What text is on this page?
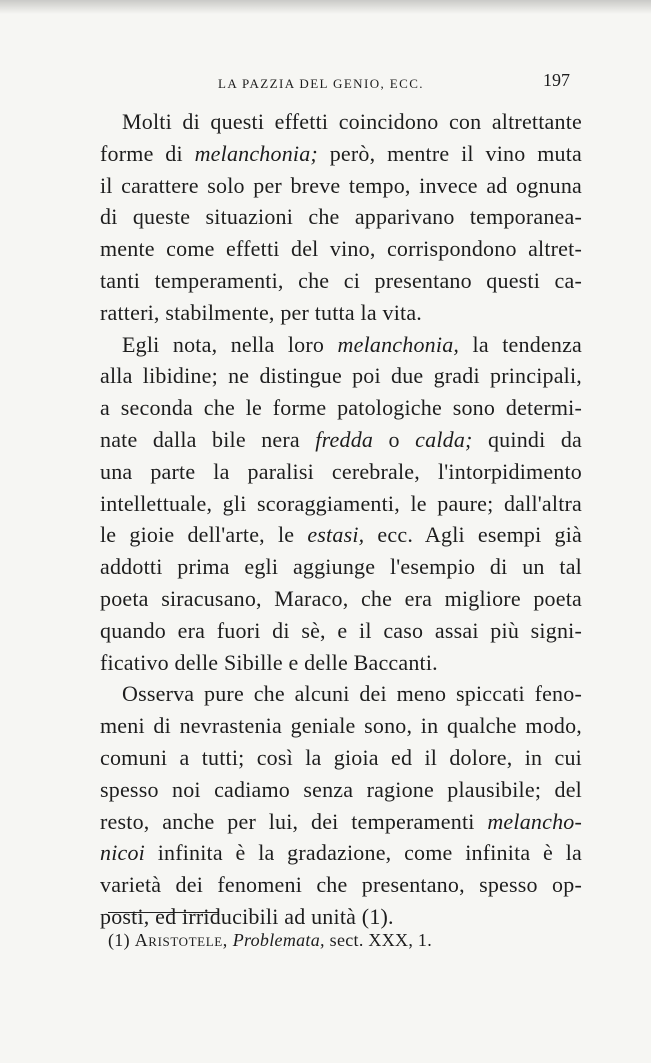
LA PAZZIA DEL GENIO, ECC.	197
Molti di questi effetti coincidono con altrettante
forme di melanchonia; però, mentre il vino muta
il carattere solo per breve tempo, invece ad ognuna
di queste situazioni che apparivano temporanea-
mente come effetti del vino, corrispondono altret-
tanti temperamenti, che ci presentano questi ca-
ratteri, stabilmente, per tutta la vita.
Egli nota, nella loro melanchonia, la tendenza
alla libidine; ne distingue poi due gradi principali,
a seconda che le forme patologiche sono determi-
nate dalla bile nera fredda o calda; quindi da
una parte la paralisi cerebrale, l'intorpidimento
intellettuale, gli scoraggiamenti, le paure; dall'altra
le gioie dell'arte, le estasi, ecc. Agli esempi già
addotti prima egli aggiunge l'esempio di un tal
poeta siracusano, Maraco, che era migliore poeta
quando era fuori di sè, e il caso assai più signi-
ficativo delle Sibille e delle Baccanti.
Osserva pure che alcuni dei meno spiccati feno-
meni di nevrastenia geniale sono, in qualche modo,
comuni a tutti; così la gioia ed il dolore, in cui
spesso noi cadiamo senza ragione plausibile; del
resto, anche per lui, dei temperamenti melancho-
nicoi infinita è la gradazione, come infinita è la
varietà dei fenomeni che presentano, spesso op-
posti, ed irriducibili ad unità (1).
(1) Aristotele, Problemata, sect. XXX, 1.
